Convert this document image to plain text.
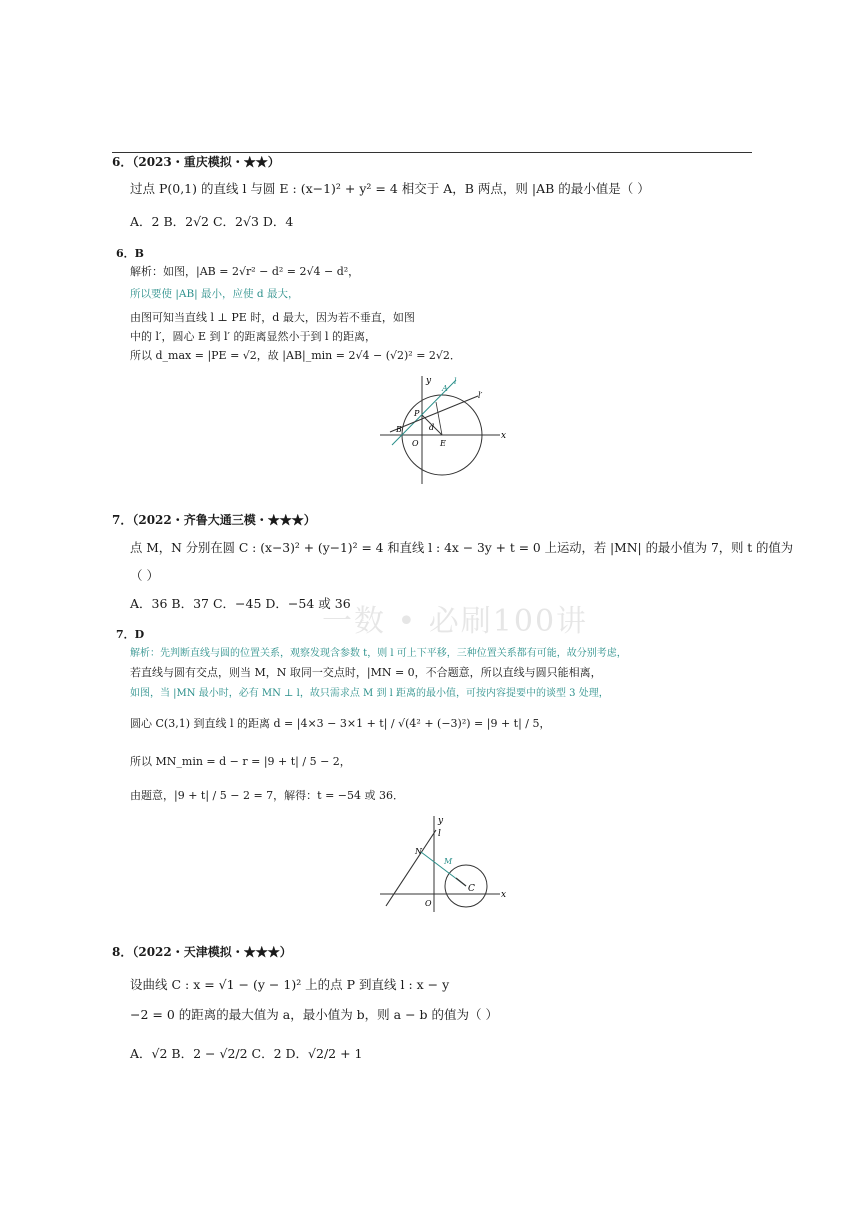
一数 • 必刷100讲
6．（2023・重庆模拟・★★）
过点 P(0,1) 的直线 l 与圆 E : (x−1)² + y² = 4 相交于 A，B 两点，则 |AB 的最小值是（ ）
A．2 B．2√2 C．2√3 D．4
6．B
解析：如图，|AB = 2√r² − d² = 2√4 − d²，
所以要使 |AB| 最小，应使 d 最大，
由图可知当直线 l ⊥ PE 时，d 最大，因为若不垂直，如图
中的 l′，圆心 E 到 l′ 的距离显然小于到 l 的距离，
所以 d_max = |PE = √2，故 |AB|_min = 2√4 − (√2)² = 2√2．
y
x
A
l
l′
P
B	d
O	E
7．（2022・齐鲁大通三模・★★★）
点 M，N 分别在圆 C : (x−3)² + (y−1)² = 4 和直线 l : 4x − 3y + t = 0 上运动，若 |MN| 的最小值为 7，则 t 的值为
（ ）
A．36 B．37 C．−45 D．−54 或 36
7．D
解析：先判断直线与圆的位置关系，观察发现含参数 t，则 l 可上下平移，三种位置关系都有可能，故分别考虑，
若直线与圆有交点，则当 M，N 取同一交点时，|MN = 0，不合题意，所以直线与圆只能相离，
如图，当 |MN 最小时，必有 MN ⊥ l，故只需求点 M 到 l 距离的最小值，可按内容提要中的谈型 3 处理，
圆心 C(3,1) 到直线 l 的距离 d = |4×3 − 3×1 + t| / √(4² + (−3)²) = |9 + t| / 5，
所以 MN_min = d − r = |9 + t| / 5 − 2，
由题意，|9 + t| / 5 − 2 = 7，解得：t = −54 或 36．
y
l
N
M
C
O
x
8．（2022・天津模拟・★★★）
设曲线 C : x = √1 − (y − 1)² 上的点 P 到直线 l : x − y
−2 = 0 的距离的最大值为 a，最小值为 b，则 a − b 的值为（ ）
A．√2 B．2 − √2/2 C．2 D．√2/2 + 1
